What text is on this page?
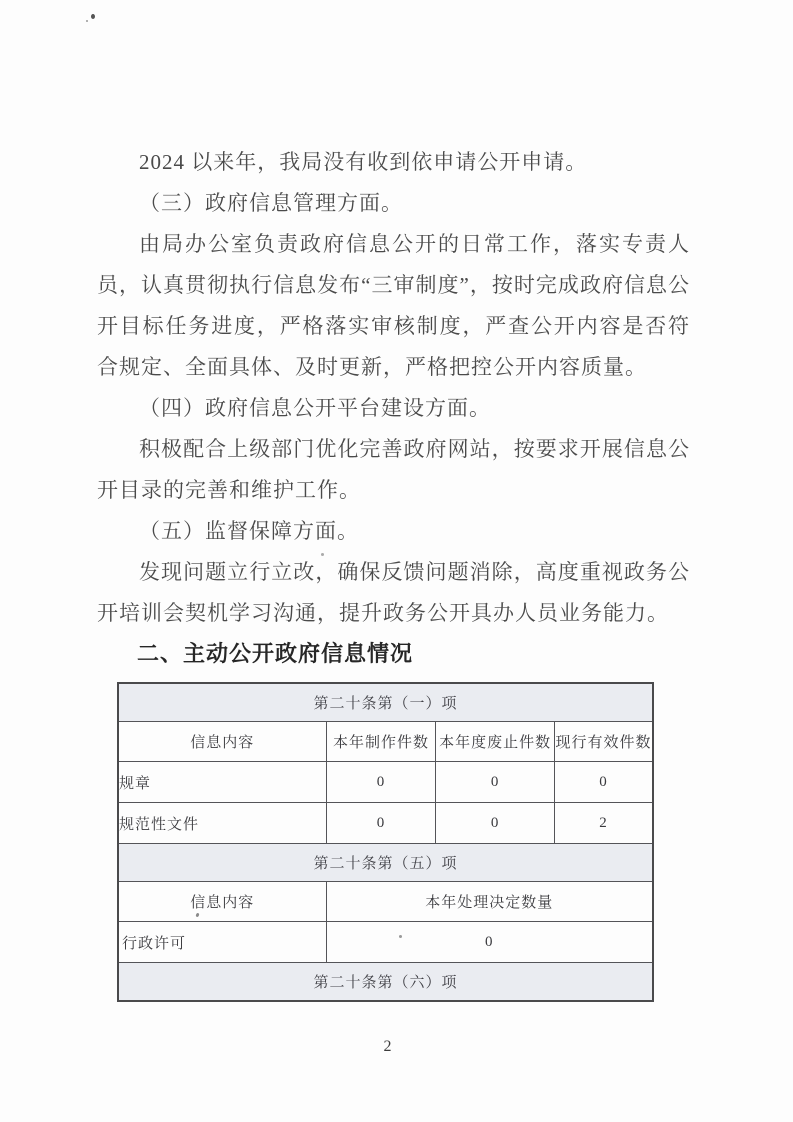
2024 以来年，我局没有收到依申请公开申请。

（三）政府信息管理方面。

由局办公室负责政府信息公开的日常工作，落实专责人员，认真贯彻执行信息发布“三审制度”，按时完成政府信息公开目标任务进度，严格落实审核制度，严查公开内容是否符合规定、全面具体、及时更新，严格把控公开内容质量。

（四）政府信息公开平台建设方面。

积极配合上级部门优化完善政府网站，按要求开展信息公开目录的完善和维护工作。

（五）监督保障方面。

发现问题立行立改，确保反馈问题消除，高度重视政务公开培训会契机学习沟通，提升政务公开具办人员业务能力。

二、主动公开政府信息情况
第二十条第（一）项			
信息内容	本年制作件数	本年度废止件数	现行有效件数
规章	0	0	0
规范性文件	0	0	2
第二十条第（五）项			
信息内容	本年处理决定数量		
行政许可	0		
第二十条第（六）项			
2
